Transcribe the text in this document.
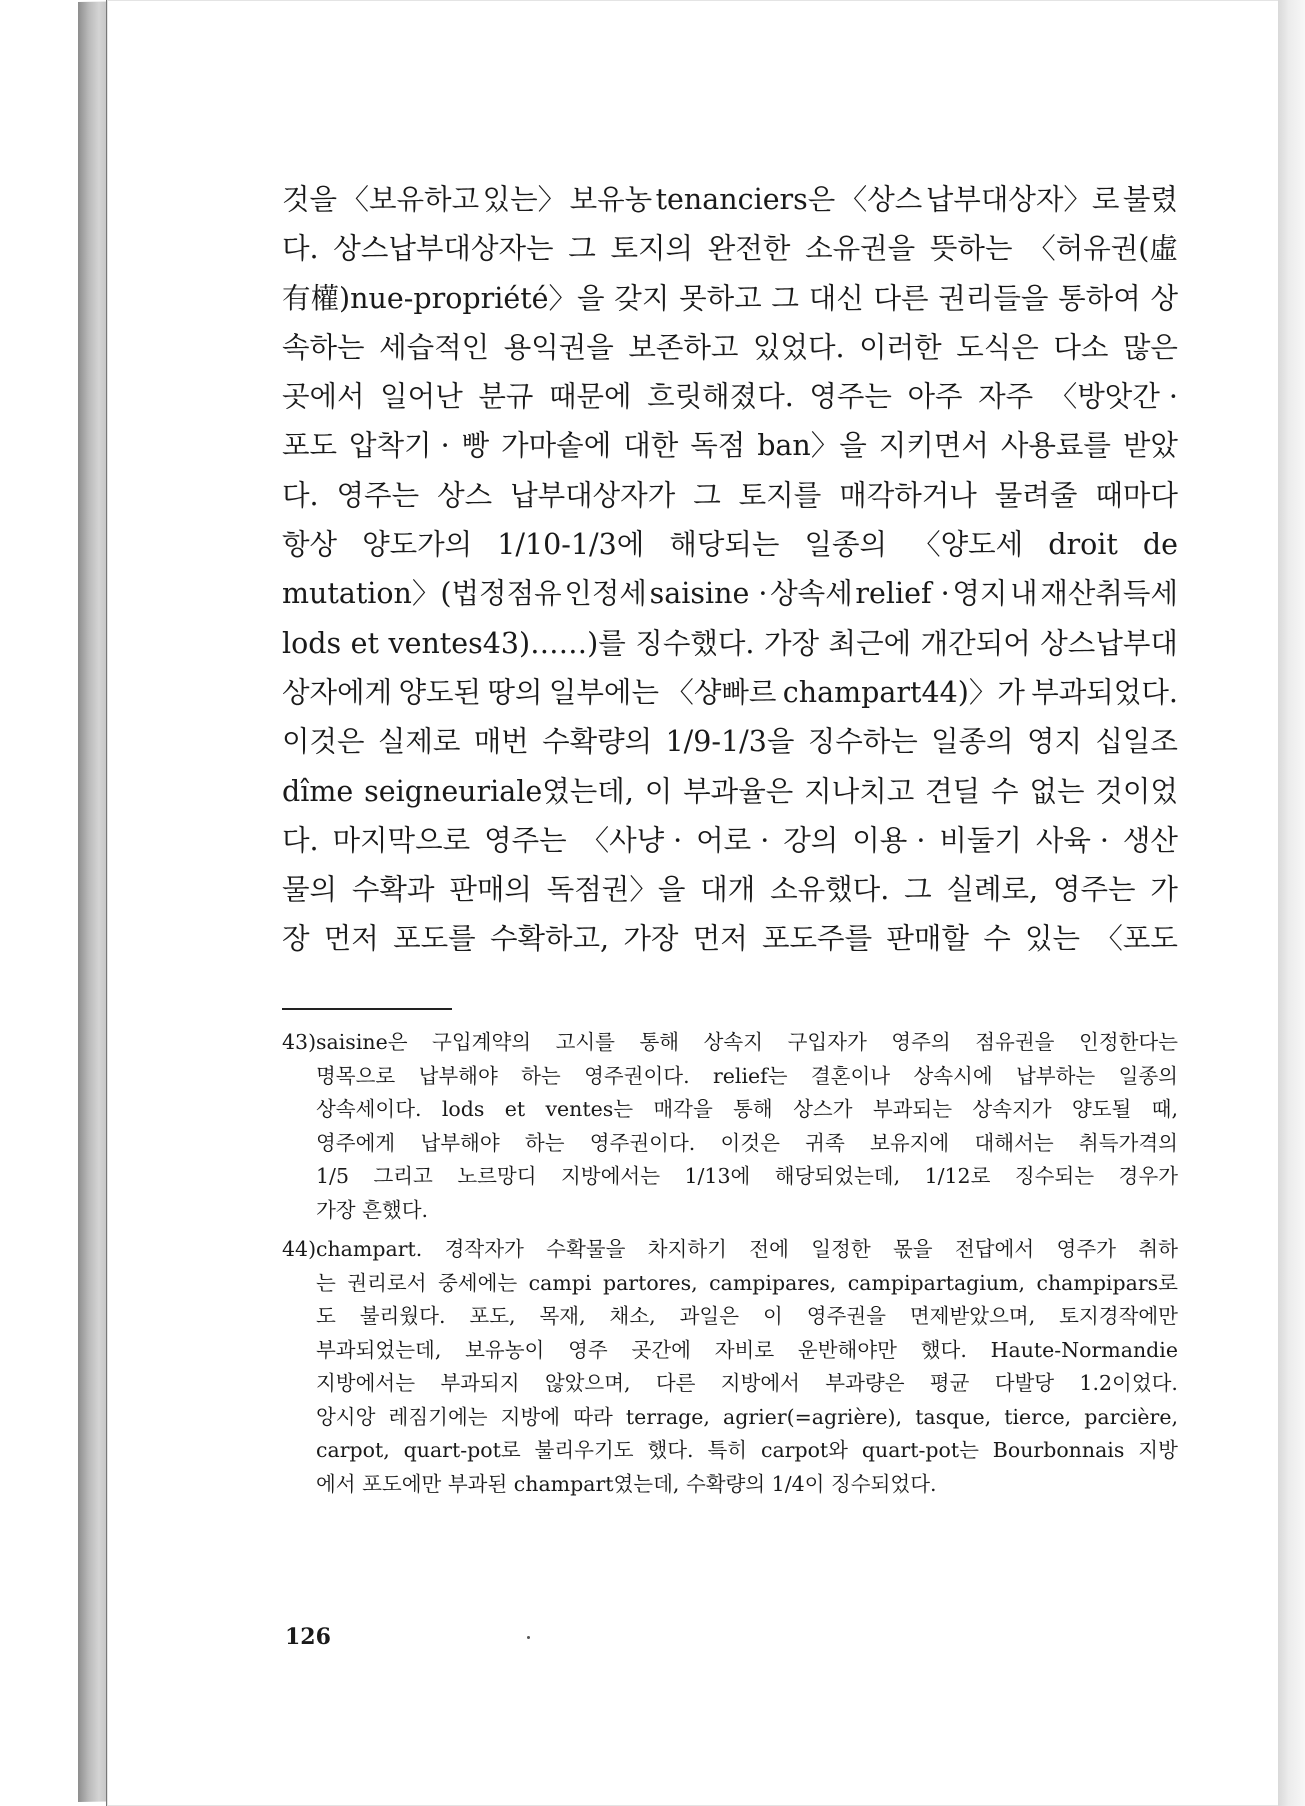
것을 〈보유하고 있는〉 보유농 tenanciers은 〈상스 납부대상자〉로 불렸
다. 상스납부대상자는 그 토지의 완전한 소유권을 뜻하는 〈허유권(虛
有權)nue-propriété〉을 갖지 못하고 그 대신 다른 권리들을 통하여 상
속하는 세습적인 용익권을 보존하고 있었다. 이러한 도식은 다소 많은
곳에서 일어난 분규 때문에 흐릿해졌다. 영주는 아주 자주 〈방앗간 ·
포도 압착기 · 빵 가마솥에 대한 독점 ban〉을 지키면서 사용료를 받았
다. 영주는 상스 납부대상자가 그 토지를 매각하거나 물려줄 때마다
항상 양도가의 1/10-1/3에 해당되는 일종의 〈양도세 droit de
mutation〉(법정점유 인정세 saisine · 상속세 relief · 영지 내 재산취득세
lods et ventes43)……)를 징수했다. 가장 최근에 개간되어 상스납부대
상자에게 양도된 땅의 일부에는 〈샹빠르 champart44)〉가 부과되었다.
이것은 실제로 매번 수확량의 1/9-1/3을 징수하는 일종의 영지 십일조
dîme seigneuriale였는데, 이 부과율은 지나치고 견딜 수 없는 것이었
다. 마지막으로 영주는 〈사냥 · 어로 · 강의 이용 · 비둘기 사육 · 생산
물의 수확과 판매의 독점권〉을 대개 소유했다. 그 실례로, 영주는 가
장 먼저 포도를 수확하고, 가장 먼저 포도주를 판매할 수 있는 〈포도
43) saisine은 구입계약의 고시를 통해 상속지 구입자가 영주의 점유권을 인정한다는
명목으로 납부해야 하는 영주권이다. relief는 결혼이나 상속시에 납부하는 일종의
상속세이다. lods et ventes는 매각을 통해 상스가 부과되는 상속지가 양도될 때,
영주에게 납부해야 하는 영주권이다. 이것은 귀족 보유지에 대해서는 취득가격의
1/5 그리고 노르망디 지방에서는 1/13에 해당되었는데, 1/12로 징수되는 경우가
가장 흔했다.
44) champart. 경작자가 수확물을 차지하기 전에 일정한 몫을 전답에서 영주가 취하
는 권리로서 중세에는 campi partores, campipares, campipartagium, champipars로
도 불리웠다. 포도, 목재, 채소, 과일은 이 영주권을 면제받았으며, 토지경작에만
부과되었는데, 보유농이 영주 곳간에 자비로 운반해야만 했다. Haute-Normandie
지방에서는 부과되지 않았으며, 다른 지방에서 부과량은 평균 다발당 1.2이었다.
앙시앙 레짐기에는 지방에 따라 terrage, agrier(=agrière), tasque, tierce, parcière,
carpot, quart-pot로 불리우기도 했다. 특히 carpot와 quart-pot는 Bourbonnais 지방
에서 포도에만 부과된 champart였는데, 수확량의 1/4이 징수되었다.
126
